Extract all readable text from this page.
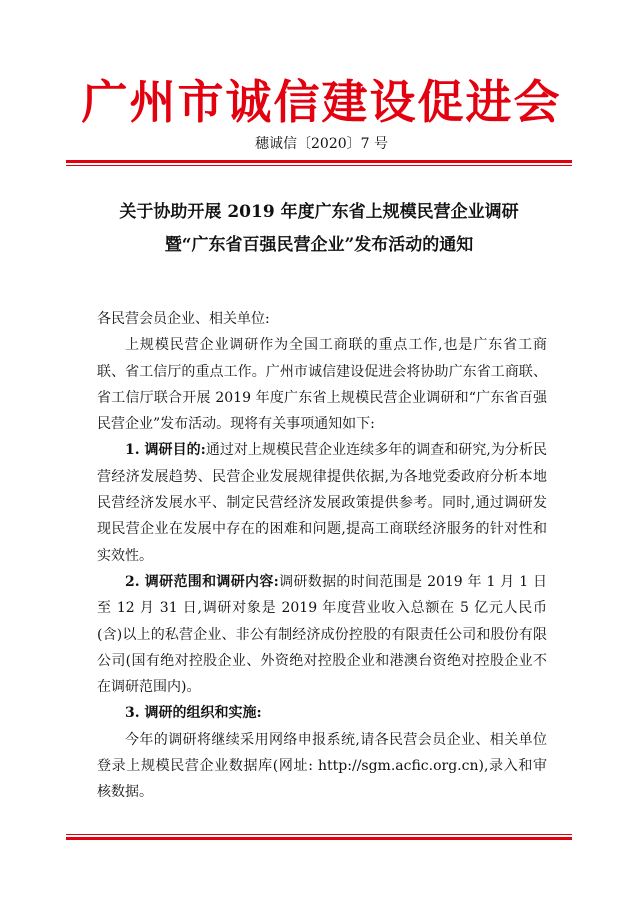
广州市诚信建设促进会
穗诚信〔2020〕7 号
关于协助开展 2019 年度广东省上规模民营企业调研
暨“广东省百强民营企业”发布活动的通知

各民营会员企业、相关单位:

上规模民营企业调研作为全国工商联的重点工作,也是广东省工商联、省工信厅的重点工作。广州市诚信建设促进会将协助广东省工商联、省工信厅联合开展 2019 年度广东省上规模民营企业调研和“广东省百强民营企业”发布活动。现将有关事项通知如下:

1. 调研目的:通过对上规模民营企业连续多年的调查和研究,为分析民营经济发展趋势、民营企业发展规律提供依据,为各地党委政府分析本地民营经济发展水平、制定民营经济发展政策提供参考。同时,通过调研发现民营企业在发展中存在的困难和问题,提高工商联经济服务的针对性和实效性。

2. 调研范围和调研内容:调研数据的时间范围是 2019 年 1 月 1 日至 12 月 31 日,调研对象是 2019 年度营业收入总额在 5 亿元人民币(含)以上的私营企业、非公有制经济成份控股的有限责任公司和股份有限公司(国有绝对控股企业、外资绝对控股企业和港澳台资绝对控股企业不在调研范围内)。

3. 调研的组织和实施:

今年的调研将继续采用网络申报系统,请各民营会员企业、相关单位登录上规模民营企业数据库(网址: http://sgm.acfic.org.cn),录入和审核数据。
